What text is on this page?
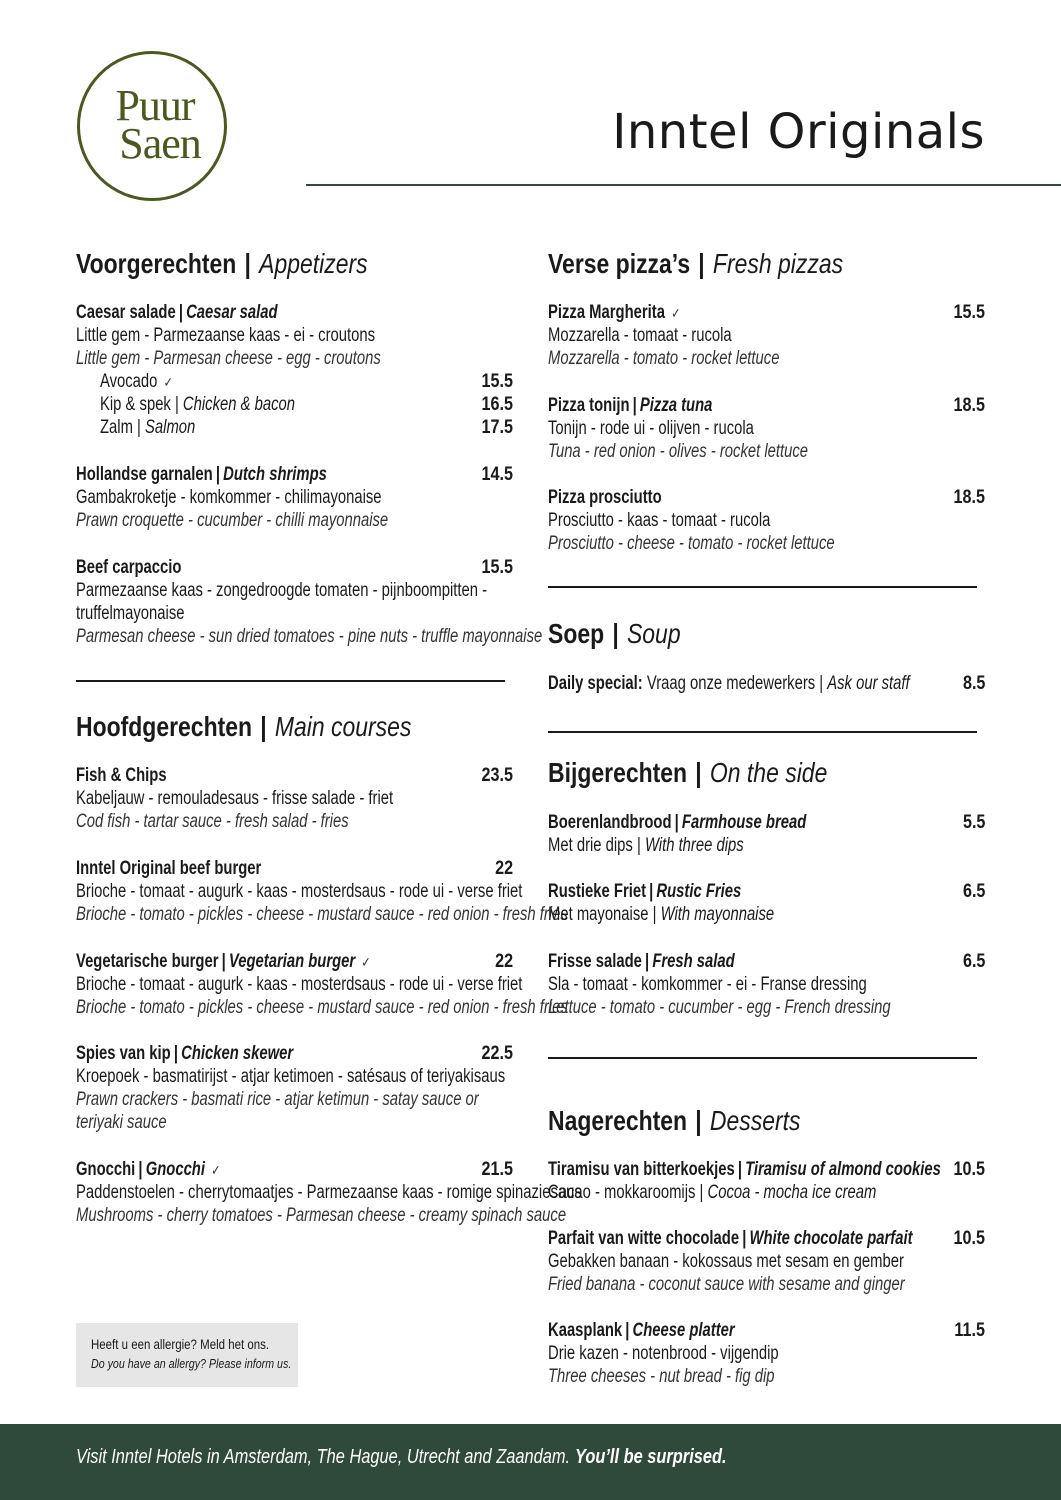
Puur
Saen	Inntel Originals
Voorgerechten | Appetizers
Caesar salade | Caesar salad
Little gem - Parmezaanse kaas - ei - croutons
Little gem - Parmesan cheese - egg - croutons
Avocado ✓	15.5
Kip & spek | Chicken & bacon	16.5
Zalm | Salmon	17.5
Hollandse garnalen | Dutch shrimps	14.5
Gambakroketje - komkommer - chilimayonaise
Prawn croquette - cucumber - chilli mayonnaise
Beef carpaccio	15.5
Parmezaanse kaas - zongedroogde tomaten - pijnboompitten -
truffelmayonaise
Parmesan cheese - sun dried tomatoes - pine nuts - truffle mayonnaise
Hoofdgerechten | Main courses
Fish & Chips	23.5
Kabeljauw - remouladesaus - frisse salade - friet
Cod fish - tartar sauce - fresh salad - fries
Inntel Original beef burger	22
Brioche - tomaat - augurk - kaas - mosterdsaus - rode ui - verse friet
Brioche - tomato - pickles - cheese - mustard sauce - red onion - fresh fries
Vegetarische burger | Vegetarian burger ✓	22
Brioche - tomaat - augurk - kaas - mosterdsaus - rode ui - verse friet
Brioche - tomato - pickles - cheese - mustard sauce - red onion - fresh fries
Spies van kip | Chicken skewer	22.5
Kroepoek - basmatirijst - atjar ketimoen - satésaus of teriyakisaus
Prawn crackers - basmati rice - atjar ketimun - satay sauce or
teriyaki sauce
Gnocchi | Gnocchi ✓	21.5
Paddenstoelen - cherrytomaatjes - Parmezaanse kaas - romige spinaziesaus
Mushrooms - cherry tomatoes - Parmesan cheese - creamy spinach sauce
Verse pizza’s | Fresh pizzas
Pizza Margherita ✓	15.5
Mozzarella - tomaat - rucola
Mozzarella - tomato - rocket lettuce
Pizza tonijn | Pizza tuna	18.5
Tonijn - rode ui - olijven - rucola
Tuna - red onion - olives - rocket lettuce
Pizza prosciutto	18.5
Prosciutto - kaas - tomaat - rucola
Prosciutto - cheese - tomato - rocket lettuce
Soep | Soup
Daily special: Vraag onze medewerkers | Ask our staff	8.5
Bijgerechten | On the side
Boerenlandbrood | Farmhouse bread	5.5
Met drie dips | With three dips
Rustieke Friet | Rustic Fries	6.5
Met mayonaise | With mayonnaise
Frisse salade | Fresh salad	6.5
Sla - tomaat - komkommer - ei - Franse dressing
Lettuce - tomato - cucumber - egg - French dressing
Nagerechten | Desserts
Tiramisu van bitterkoekjes | Tiramisu of almond cookies 10.5
Cacao - mokkaroomijs | Cocoa - mocha ice cream
Parfait van witte chocolade | White chocolate parfait 10.5
Gebakken banaan - kokossaus met sesam en gember
Fried banana - coconut sauce with sesame and ginger
Kaasplank | Cheese platter	11.5
Drie kazen - notenbrood - vijgendip
Three cheeses - nut bread - fig dip
Heeft u een allergie? Meld het ons.
Do you have an allergy? Please inform us.
Visit Inntel Hotels in Amsterdam, The Hague, Utrecht and Zaandam. You’ll be surprised.
